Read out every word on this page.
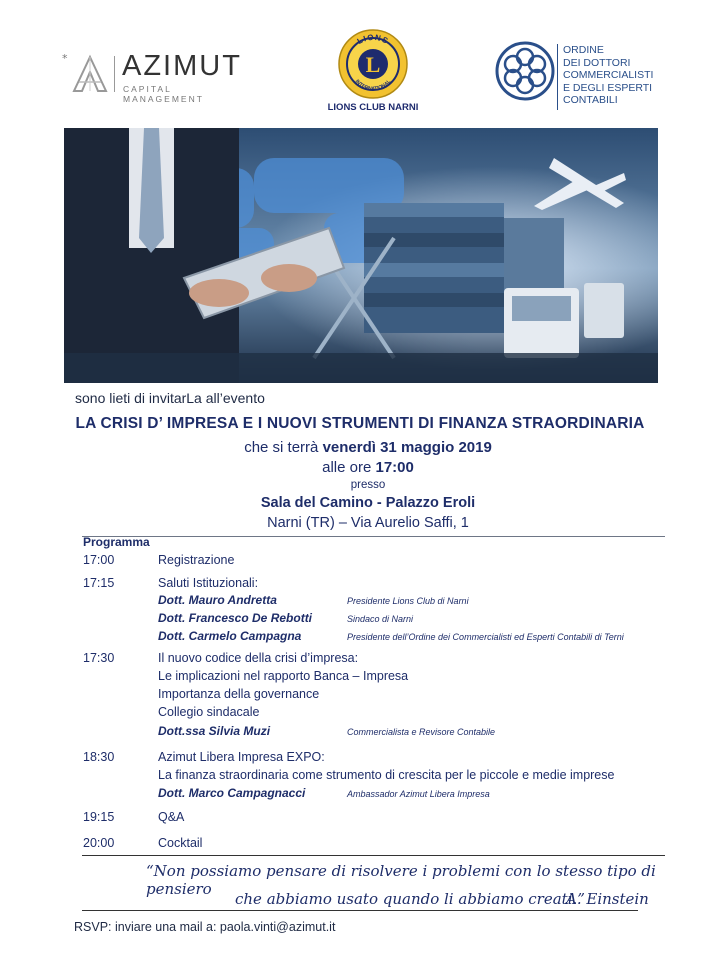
* AZIMUT
CAPITAL MANAGEMENT
L
LIONS
INTERNATIONAL
LIONS CLUB NARNI
ORDINE
DEI DOTTORI
COMMERCIALISTI
E DEGLI ESPERTI
CONTABILI
sono lieti di invitarLa all’evento
LA CRISI D’ IMPRESA E I NUOVI STRUMENTI DI FINANZA STRAORDINARIA
che si terrà venerdì 31 maggio 2019
alle ore 17:00
presso
Sala del Camino - Palazzo Eroli
Narni (TR) – Via Aurelio Saffi, 1
Programma
17:00	Registrazione
17:15	Saluti Istituzionali:
Dott. Mauro Andretta	Presidente Lions Club di Narni
Dott. Francesco De Rebotti	Sindaco di Narni
Dott. Carmelo Campagna	Presidente dell’Ordine dei Commercialisti ed Esperti Contabili di Terni
17:30	Il nuovo codice della crisi d’impresa:
Le implicazioni nel rapporto Banca – Impresa
Importanza della governance
Collegio sindacale
Dott.ssa Silvia Muzi	Commercialista e Revisore Contabile
18:30	Azimut Libera Impresa EXPO:
La finanza straordinaria come strumento di crescita per le piccole e medie imprese
Dott. Marco Campagnacci	Ambassador Azimut Libera Impresa
19:15	Q&A
20:00	Cocktail
“Non possiamo pensare di risolvere i problemi con lo stesso tipo di pensiero
che abbiamo usato quando li abbiamo creati.”
A. Einstein
RSVP: inviare una mail a: paola.vinti@azimut.it
